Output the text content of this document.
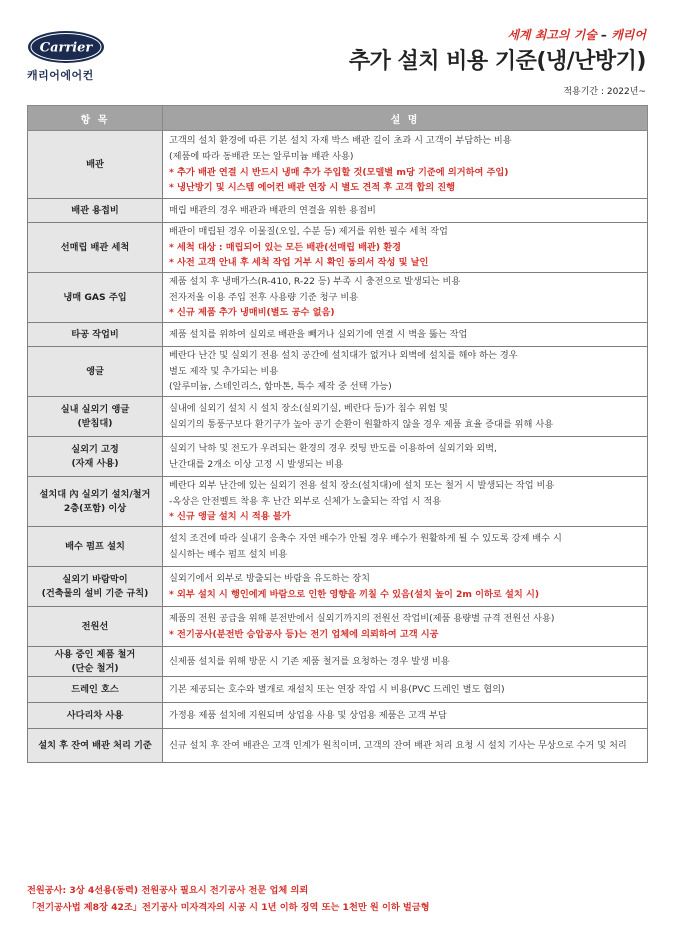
Carrier
캐리어에어컨
세계 최고의 기술 – 캐리어
추가 설치 비용 기준(냉/난방기)
적용기간 : 2022년~
항 목	설 명

배관	고객의 설치 환경에 따른 기본 설치 자재 박스 배관 길이 초과 시 고객이 부담하는 비용
(제품에 따라 동배관 또는 알루미늄 배관 사용)
* 추가 배관 연결 시 반드시 냉매 추가 주입할 것(모델별 m당 기준에 의거하여 주입)
* 냉난방기 및 시스템 에어컨 배관 연장 시 별도 견적 후 고객 합의 진행

배관 용접비	매립 배관의 경우 배관과 배관의 연결을 위한 용접비

선매립 배관 세척	배관이 매립된 경우 이물질(오일, 수분 등) 제거를 위한 필수 세척 작업
* 세척 대상 : 매립되어 있는 모든 배관(선매립 배관) 환경
* 사전 고객 안내 후 세척 작업 거부 시 확인 동의서 작성 및 날인

냉매 GAS 주입	제품 설치 후 냉매가스(R-410, R-22 등) 부족 시 충전으로 발생되는 비용
전자저울 이용 주입 전후 사용량 기준 청구 비용
* 신규 제품 추가 냉매비(별도 공수 없음)

타공 작업비	제품 설치를 위하여 실외로 배관을 빼거나 실외기에 연결 시 벽을 뚫는 작업

앵글	베란다 난간 및 실외기 전용 설치 공간에 설치대가 없거나 외벽에 설치를 해야 하는 경우
별도 제작 및 추가되는 비용
(알루미늄, 스테인리스, 함마톤, 특수 제작 중 선택 가능)

실내 실외기 앵글
(받침대)	실내에 실외기 설치 시 설치 장소(실외기실, 베란다 등)가 침수 위험 및
실외기의 통풍구보다 환기구가 높아 공기 순환이 원활하지 않을 경우 제품 효율 증대를 위해 사용

실외기 고정
(자재 사용)	실외기 낙하 및 전도가 우려되는 환경의 경우 컷팅 반도를 이용하여 실외기와 외벽,
난간대를 2개소 이상 고정 시 발생되는 비용

설치대 內 실외기 설치/철거
2층(포함) 이상	베란다 외부 난간에 있는 실외기 전용 설치 장소(설치대)에 설치 또는 철거 시 발생되는 작업 비용
-옥상은 안전벨트 착용 후 난간 외부로 신체가 노출되는 작업 시 적용
* 신규 앵글 설치 시 적용 불가

배수 펌프 설치	설치 조건에 따라 실내기 응축수 자연 배수가 안될 경우 배수가 원활하게 될 수 있도록 강제 배수 시
실시하는 배수 펌프 설치 비용

실외기 바람막이
(건축물의 설비 기준 규칙)	실외기에서 외부로 방출되는 바람을 유도하는 장치
* 외부 설치 시 행인에게 바람으로 인한 영향을 끼칠 수 있음(설치 높이 2m 이하로 설치 시)

전원선	제품의 전원 공급을 위해 분전반에서 실외기까지의 전원선 작업비(제품 용량별 규격 전원선 사용)
* 전기공사(분전반 승압공사 등)는 전기 업체에 의뢰하여 고객 시공

사용 중인 제품 철거
(단순 철거)	신제품 설치를 위해 방문 시 기존 제품 철거를 요청하는 경우 발생 비용

드레인 호스	기본 제공되는 호수와 별개로 재설치 또는 연장 작업 시 비용(PVC 드레인 별도 협의)

사다리차 사용	가정용 제품 설치에 지원되며 상업용 사용 및 상업용 제품은 고객 부담

설치 후 잔여 배관 처리 기준	신규 설치 후 잔여 배관은 고객 인계가 원칙이며, 고객의 잔여 배관 처리 요청 시 설치 기사는 무상으로 수거 및 처리
전원공사: 3상 4선용(동력) 전원공사 필요시 전기공사 전문 업체 의뢰
「전기공사법 제8장 42조」전기공사 미자격자의 시공 시 1년 이하 징역 또는 1천만 원 이하 벌금형
